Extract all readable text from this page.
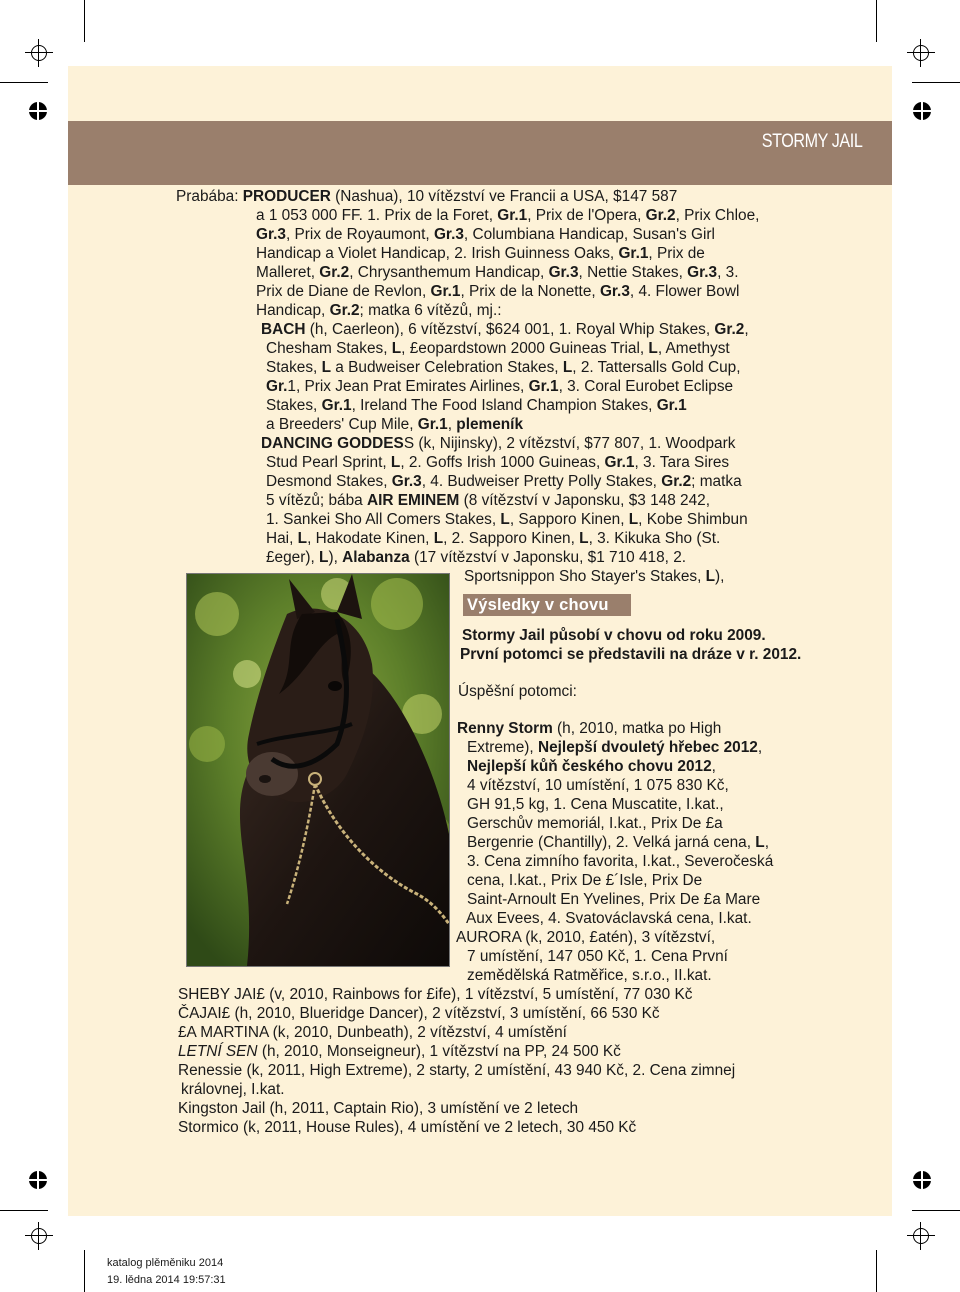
STORMY JAIL
Prabába: PRODUCER (Nashua), 10 vítězství ve Francii a USA, $147 587
a 1 053 000 FF. 1. Prix de la Foret, Gr.1, Prix de l'Opera, Gr.2, Prix Chloe,
Gr.3, Prix de Royaumont, Gr.3, Columbiana Handicap, Susan's Girl
Handicap a Violet Handicap, 2. Irish Guinness Oaks, Gr.1, Prix de
Malleret, Gr.2, Chrysanthemum Handicap, Gr.3, Nettie Stakes, Gr.3, 3.
Prix de Diane de Revlon, Gr.1, Prix de la Nonette, Gr.3, 4. Flower Bowl
Handicap, Gr.2; matka 6 vítězů, mj.:
BACH (h, Caerleon), 6 vítězství, $624 001, 1. Royal Whip Stakes, Gr.2,
Chesham Stakes, L, £eopardstown 2000 Guineas Trial, L, Amethyst
Stakes, L a Budweiser Celebration Stakes, L, 2. Tattersalls Gold Cup,
Gr.1, Prix Jean Prat Emirates Airlines, Gr.1, 3. Coral Eurobet Eclipse
Stakes, Gr.1, Ireland The Food Island Champion Stakes, Gr.1
a Breeders' Cup Mile, Gr.1, plemeník
DANCING GODDESS (k, Nijinsky), 2 vítězství, $77 807, 1. Woodpark
Stud Pearl Sprint, L, 2. Goffs Irish 1000 Guineas, Gr.1, 3. Tara Sires
Desmond Stakes, Gr.3, 4. Budweiser Pretty Polly Stakes, Gr.2; matka
5 vítězů; bába AIR EMINEM (8 vítězství v Japonsku, $3 148 242,
1. Sankei Sho All Comers Stakes, L, Sapporo Kinen, L, Kobe Shimbun
Hai, L, Hakodate Kinen, L, 2. Sapporo Kinen, L, 3. Kikuka Sho (St.
£eger), L), Alabanza (17 vítězství v Japonsku, $1 710 418, 2.
Sportsnippon Sho Stayer's Stakes, L),
Výsledky v chovu
Stormy Jail působí v chovu od roku 2009.
První potomci se představili na dráze v r. 2012.
Úspěšní potomci:
Renny Storm (h, 2010, matka po High
Extreme), Nejlepší dvouletý hřebec 2012,
Nejlepší kůň českého chovu 2012,
4 vítězství, 10 umístění, 1 075 830 Kč,
GH 91,5 kg, 1. Cena Muscatite, I.kat.,
Gerschův memoriál, I.kat., Prix De £a
Bergenrie (Chantilly), 2. Velká jarná cena, L,
3. Cena zimního favorita, I.kat., Severočeská
cena, I.kat., Prix De £´Isle, Prix De
Saint-Arnoult En Yvelines, Prix De £a Mare
Aux Evees, 4. Svatováclavská cena, I.kat.
AURORA (k, 2010, £atén), 3 vítězství,
7 umístění, 147 050 Kč, 1. Cena První
zemědělská Ratměřice, s.r.o., II.kat.
SHEBY JAI£ (v, 2010, Rainbows for £ife), 1 vítězství, 5 umístění, 77 030 Kč
ČAJAI£ (h, 2010, Blueridge Dancer), 2 vítězství, 3 umístění, 66 530 Kč
£A MARTINA (k, 2010, Dunbeath), 2 vítězství, 4 umístění
LETNÍ SEN (h, 2010, Monseigneur), 1 vítězství na PP, 24 500 Kč
Renessie (k, 2011, High Extreme), 2 starty, 2 umístění, 43 940 Kč, 2. Cena zimnej
královnej, I.kat.
Kingston Jail (h, 2011, Captain Rio), 3 umístění ve 2 letech
Stormico (k, 2011, House Rules), 4 umístění ve 2 letech, 30 450 Kč
katalog plěměniku 2014
19. lědna 2014 19:57:31
